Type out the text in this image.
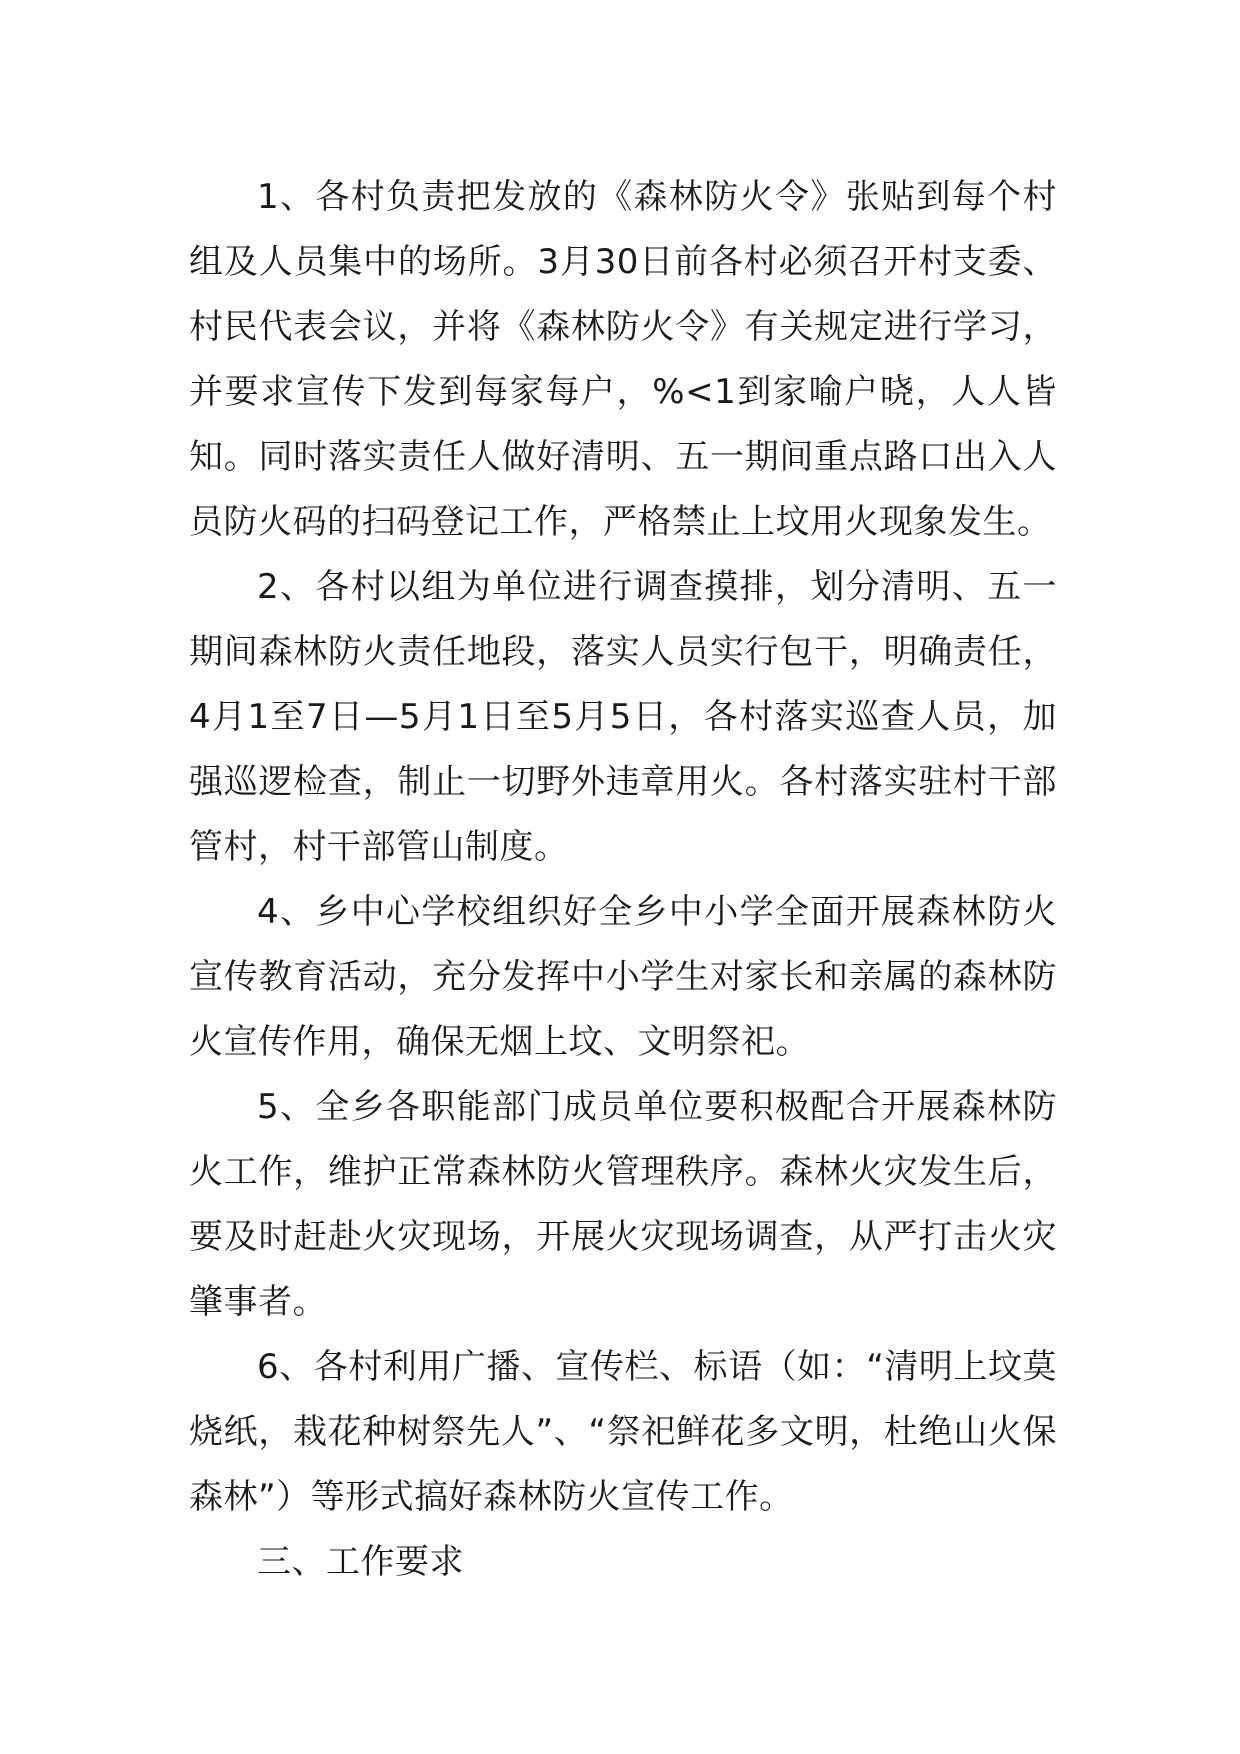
1、各村负责把发放的《森林防火令》张贴到每个村组及人员集中的场所。3月30日前各村必须召开村支委、村民代表会议，并将《森林防火令》有关规定进行学习，并要求宣传下发到每家每户，%<1到家喻户晓，人人皆知。同时落实责任人做好清明、五一期间重点路口出入人员防火码的扫码登记工作，严格禁止上坟用火现象发生。

2、各村以组为单位进行调查摸排，划分清明、五一期间森林防火责任地段，落实人员实行包干，明确责任，4月1至7日—5月1日至5月5日，各村落实巡查人员，加强巡逻检查，制止一切野外违章用火。各村落实驻村干部管村，村干部管山制度。

4、乡中心学校组织好全乡中小学全面开展森林防火宣传教育活动，充分发挥中小学生对家长和亲属的森林防火宣传作用，确保无烟上坟、文明祭祀。

5、全乡各职能部门成员单位要积极配合开展森林防火工作，维护正常森林防火管理秩序。森林火灾发生后，要及时赶赴火灾现场，开展火灾现场调查，从严打击火灾肇事者。

6、各村利用广播、宣传栏、标语（如：“清明上坟莫烧纸，栽花种树祭先人”、“祭祀鲜花多文明，杜绝山火保森林”）等形式搞好森林防火宣传工作。

三、工作要求
